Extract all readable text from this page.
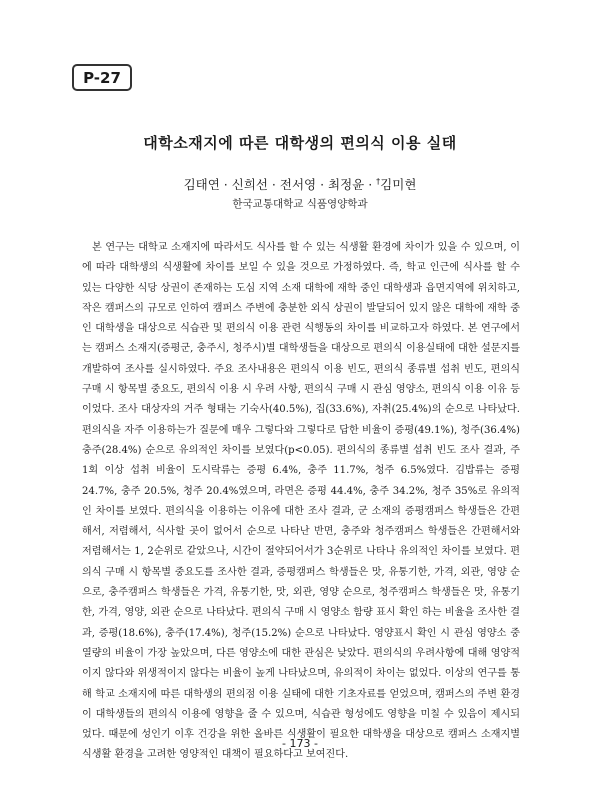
P-27
대학소재지에 따른 대학생의 편의식 이용 실태
김태연 · 신희선 · 전서영 · 최정윤 · †김미현
한국교통대학교 식품영양학과

본 연구는 대학교 소재지에 따라서도 식사를 할 수 있는 식생활 환경에 차이가 있을 수 있으며, 이에 따라 대학생의 식생활에 차이를 보일 수 있을 것으로 가정하였다. 즉, 학교 인근에 식사를 할 수 있는 다양한 식당 상권이 존재하는 도심 지역 소재 대학에 재학 중인 대학생과 읍면지역에 위치하고, 작은 캠퍼스의 규모로 인하여 캠퍼스 주변에 충분한 외식 상권이 발달되어 있지 않은 대학에 재학 중인 대학생을 대상으로 식습관 및 편의식 이용 관련 식행동의 차이를 비교하고자 하였다. 본 연구에서는 캠퍼스 소재지(증평군, 충주시, 청주시)별 대학생들을 대상으로 편의식 이용실태에 대한 설문지를 개발하여 조사를 실시하였다. 주요 조사내용은 편의식 이용 빈도, 편의식 종류별 섭취 빈도, 편의식 구매 시 항목별 중요도, 편의식 이용 시 우려 사항, 편의식 구매 시 관심 영양소, 편의식 이용 이유 등이었다. 조사 대상자의 거주 형태는 기숙사(40.5%), 집(33.6%), 자취(25.4%)의 순으로 나타났다. 편의식을 자주 이용하는가 질문에 매우 그렇다와 그렇다로 답한 비율이 증평(49.1%), 청주(36.4%) 충주(28.4%) 순으로 유의적인 차이를 보였다(p<0.05). 편의식의 종류별 섭취 빈도 조사 결과, 주 1회 이상 섭취 비율이 도시락류는 증평 6.4%, 충주 11.7%, 청주 6.5%였다. 김밥류는 증평 24.7%, 충주 20.5%, 청주 20.4%였으며, 라면은 증평 44.4%, 충주 34.2%, 청주 35%로 유의적인 차이를 보였다. 편의식을 이용하는 이유에 대한 조사 결과, 군 소재의 증평캠퍼스 학생들은 간편해서, 저렴해서, 식사할 곳이 없어서 순으로 나타난 반면, 충주와 청주캠퍼스 학생들은 간편해서와 저렴해서는 1, 2순위로 같았으나, 시간이 절약되어서가 3순위로 나타나 유의적인 차이를 보였다. 편의식 구매 시 항목별 중요도를 조사한 결과, 증평캠퍼스 학생들은 맛, 유통기한, 가격, 외관, 영양 순으로, 충주캠퍼스 학생들은 가격, 유통기한, 맛, 외관, 영양 순으로, 청주캠퍼스 학생들은 맛, 유통기한, 가격, 영양, 외관 순으로 나타났다. 편의식 구매 시 영양소 함량 표시 확인 하는 비율을 조사한 결과, 증평(18.6%), 충주(17.4%), 청주(15.2%) 순으로 나타났다. 영양표시 확인 시 관심 영양소 중 열량의 비율이 가장 높았으며, 다른 영양소에 대한 관심은 낮았다. 편의식의 우려사항에 대해 영양적이지 않다와 위생적이지 않다는 비율이 높게 나타났으며, 유의적이 차이는 없었다. 이상의 연구를 통해 학교 소재지에 따른 대학생의 편의점 이용 실태에 대한 기초자료를 얻었으며, 캠퍼스의 주변 환경이 대학생들의 편의식 이용에 영향을 줄 수 있으며, 식습관 형성에도 영향을 미칠 수 있음이 제시되었다. 때문에 성인기 이후 건강을 위한 올바른 식생활이 필요한 대학생을 대상으로 캠퍼스 소재지별 식생활 환경을 고려한 영양적인 대책이 필요하다고 보여진다.

- 173 -
